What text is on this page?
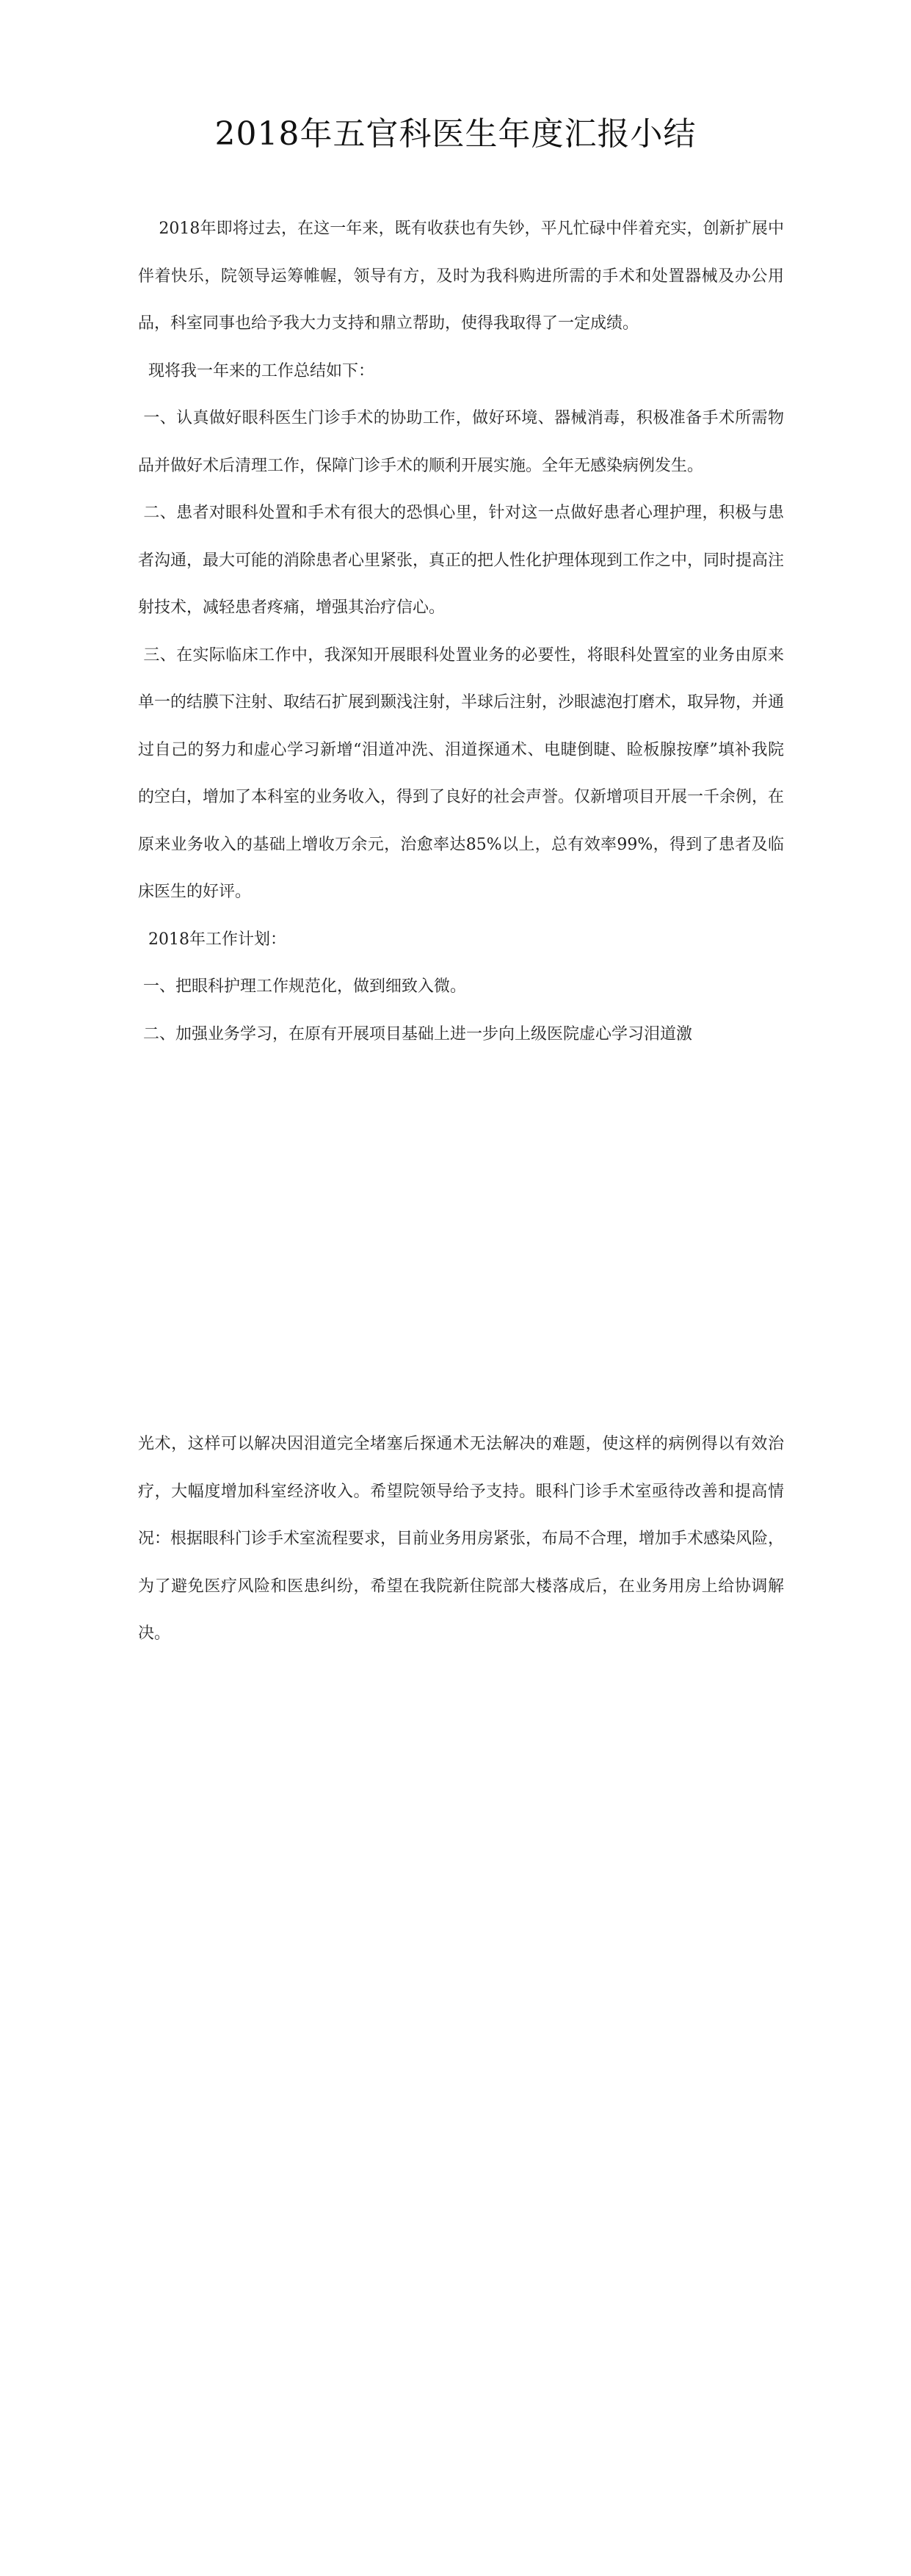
2018年五官科医生年度汇报小结

2018年即将过去，在这一年来，既有收获也有失钞，平凡忙碌中伴着充实，创新扩展中伴着快乐，院领导运筹帷幄，领导有方，及时为我科购进所需的手术和处置器械及办公用品，科室同事也给予我大力支持和鼎立帮助，使得我取得了一定成绩。

现将我一年来的工作总结如下：

一、认真做好眼科医生门诊手术的协助工作，做好环境、器械消毒，积极准备手术所需物品并做好术后清理工作，保障门诊手术的顺利开展实施。全年无感染病例发生。

二、患者对眼科处置和手术有很大的恐惧心里，针对这一点做好患者心理护理，积极与患者沟通，最大可能的消除患者心里紧张，真正的把人性化护理体现到工作之中，同时提高注射技术，减轻患者疼痛，增强其治疗信心。

三、在实际临床工作中，我深知开展眼科处置业务的必要性，将眼科处置室的业务由原来单一的结膜下注射、取结石扩展到颞浅注射，半球后注射，沙眼滤泡打磨术，取异物，并通过自己的努力和虚心学习新增“泪道冲洗、泪道探通术、电睫倒睫、睑板腺按摩”填补我院的空白，增加了本科室的业务收入，得到了良好的社会声誉。仅新增项目开展一千余例，在原来业务收入的基础上增收万余元，治愈率达85%以上，总有效率99%，得到了患者及临床医生的好评。

2018年工作计划：

一、把眼科护理工作规范化，做到细致入微。

二、加强业务学习，在原有开展项目基础上进一步向上级医院虚心学习泪道激

光术，这样可以解决因泪道完全堵塞后探通术无法解决的难题，使这样的病例得以有效治疗，大幅度增加科室经济收入。希望院领导给予支持。眼科门诊手术室亟待改善和提高情况：根据眼科门诊手术室流程要求，目前业务用房紧张，布局不合理，增加手术感染风险，为了避免医疗风险和医患纠纷，希望在我院新住院部大楼落成后，在业务用房上给协调解决。
